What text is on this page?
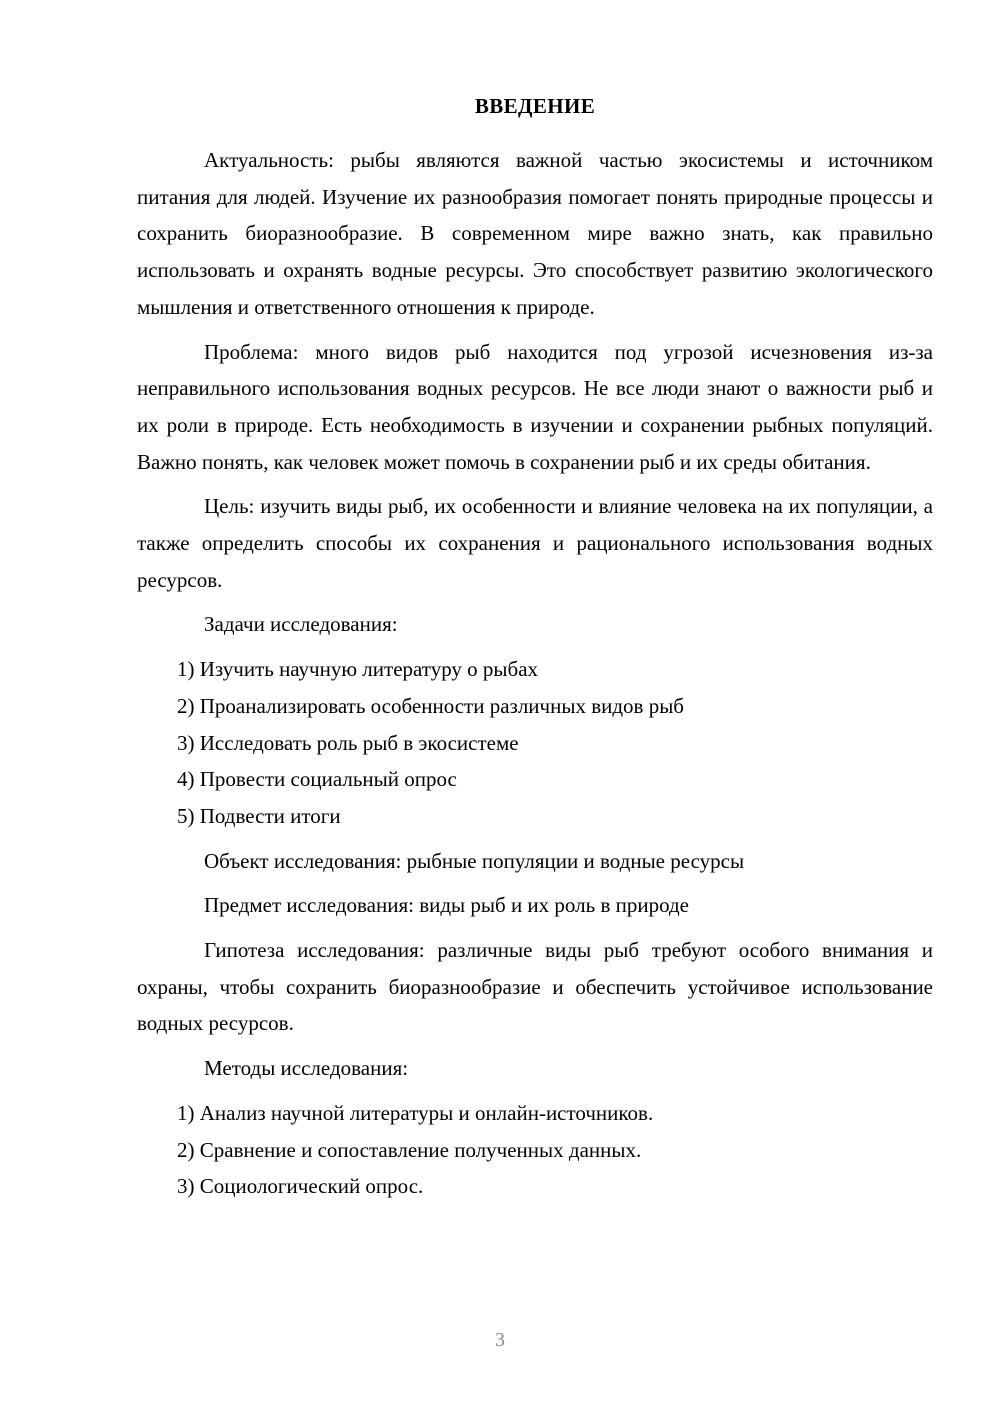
ВВЕДЕНИЕ

Актуальность: рыбы являются важной частью экосистемы и источником питания для людей. Изучение их разнообразия помогает понять природные процессы и сохранить биоразнообразие. В современном мире важно знать, как правильно использовать и охранять водные ресурсы. Это способствует развитию экологического мышления и ответственного отношения к природе.

Проблема: много видов рыб находится под угрозой исчезновения из-за неправильного использования водных ресурсов. Не все люди знают о важности рыб и их роли в природе. Есть необходимость в изучении и сохранении рыбных популяций. Важно понять, как человек может помочь в сохранении рыб и их среды обитания.

Цель: изучить виды рыб, их особенности и влияние человека на их популяции, а также определить способы их сохранения и рационального использования водных ресурсов.

Задачи исследования:

1) Изучить научную литературу о рыбах
2) Проанализировать особенности различных видов рыб
3) Исследовать роль рыб в экосистеме
4) Провести социальный опрос
5) Подвести итоги

Объект исследования: рыбные популяции и водные ресурсы

Предмет исследования: виды рыб и их роль в природе

Гипотеза исследования: различные виды рыб требуют особого внимания и охраны, чтобы сохранить биоразнообразие и обеспечить устойчивое использование водных ресурсов.

Методы исследования:

1) Анализ научной литературы и онлайн-источников.
2) Сравнение и сопоставление полученных данных.
3) Социологический опрос.
3
